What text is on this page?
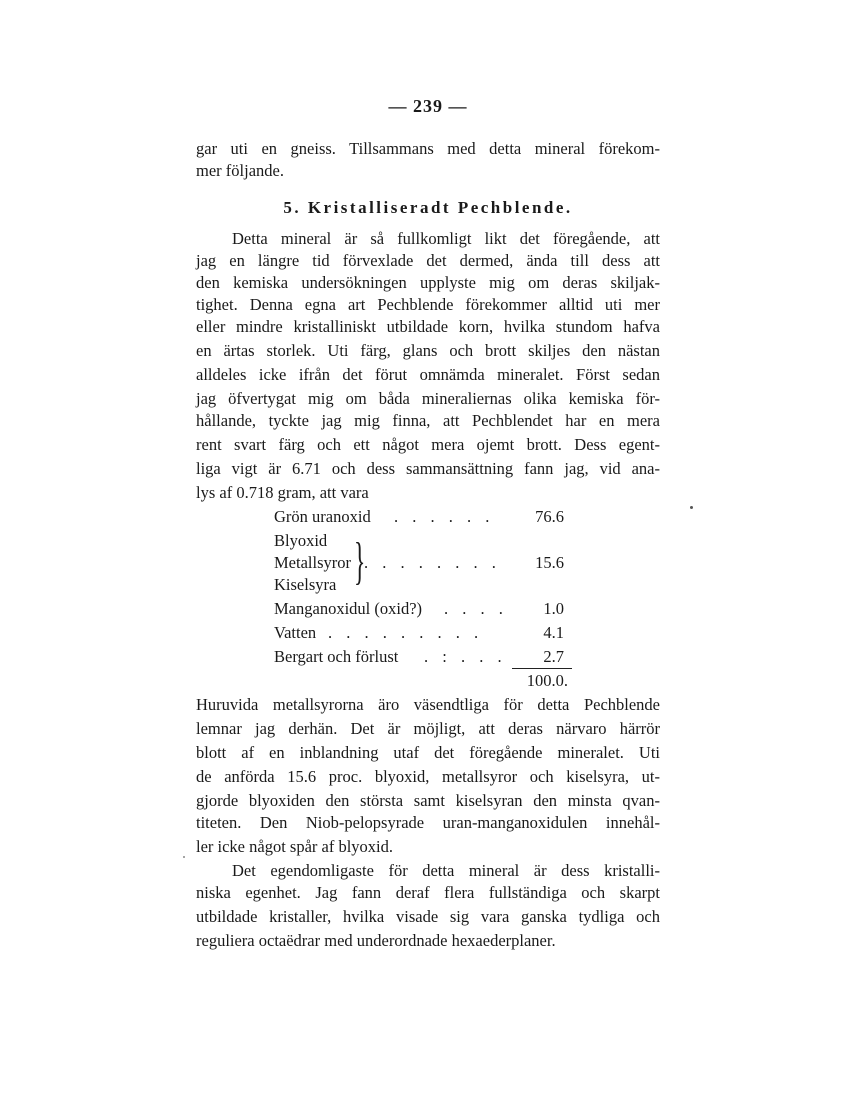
— 239 —
gar uti en gneiss. Tillsammans med detta mineral förekom-
mer följande.
5. Kristalliseradt Pechblende.
Detta mineral är så fullkomligt likt det föregående, att
jag en längre tid förvexlade det dermed, ända till dess att
den kemiska undersökningen upplyste mig om deras skiljak-
tighet. Denna egna art Pechblende förekommer alltid uti mer
eller mindre kristalliniskt utbildade korn, hvilka stundom hafva
en ärtas storlek. Uti färg, glans och brott skiljes den nästan
alldeles icke ifrån det förut omnämda mineralet. Först sedan
jag öfvertygat mig om båda mineraliernas olika kemiska för-
hållande, tyckte jag mig finna, att Pechblendet har en mera
rent svart färg och ett något mera ojemt brott. Dess egent-
liga vigt är 6.71 och dess sammansättning fann jag, vid ana-
lys af 0.718 gram, att vara
Grön uranoxid . . . . . . 76.6
Blyoxid
Metallsyror . . . . . . . . 15.6
Kiselsyra }
Manganoxidul (oxid?) . . . . 1.0
Vatten . . . . . . . . .	4.1
Bergart och förlust . : . . . 2.7
100.0.
Huruvida metallsyrorna äro väsendtliga för detta Pechblende
lemnar jag derhän. Det är möjligt, att deras närvaro härrör
blott af en inblandning utaf det föregående mineralet. Uti
de anförda 15.6 proc. blyoxid, metallsyror och kiselsyra, ut-
gjorde blyoxiden den största samt kiselsyran den minsta qvan-
titeten. Den Niob-pelopsyrade uran-manganoxidulen innehål-
ler icke något spår af blyoxid.
Det egendomligaste för detta mineral är dess kristalli-
niska egenhet. Jag fann deraf flera fullständiga och skarpt
utbildade kristaller, hvilka visade sig vara ganska tydliga och
reguliera octaëdrar med underordnade hexaederplaner.
